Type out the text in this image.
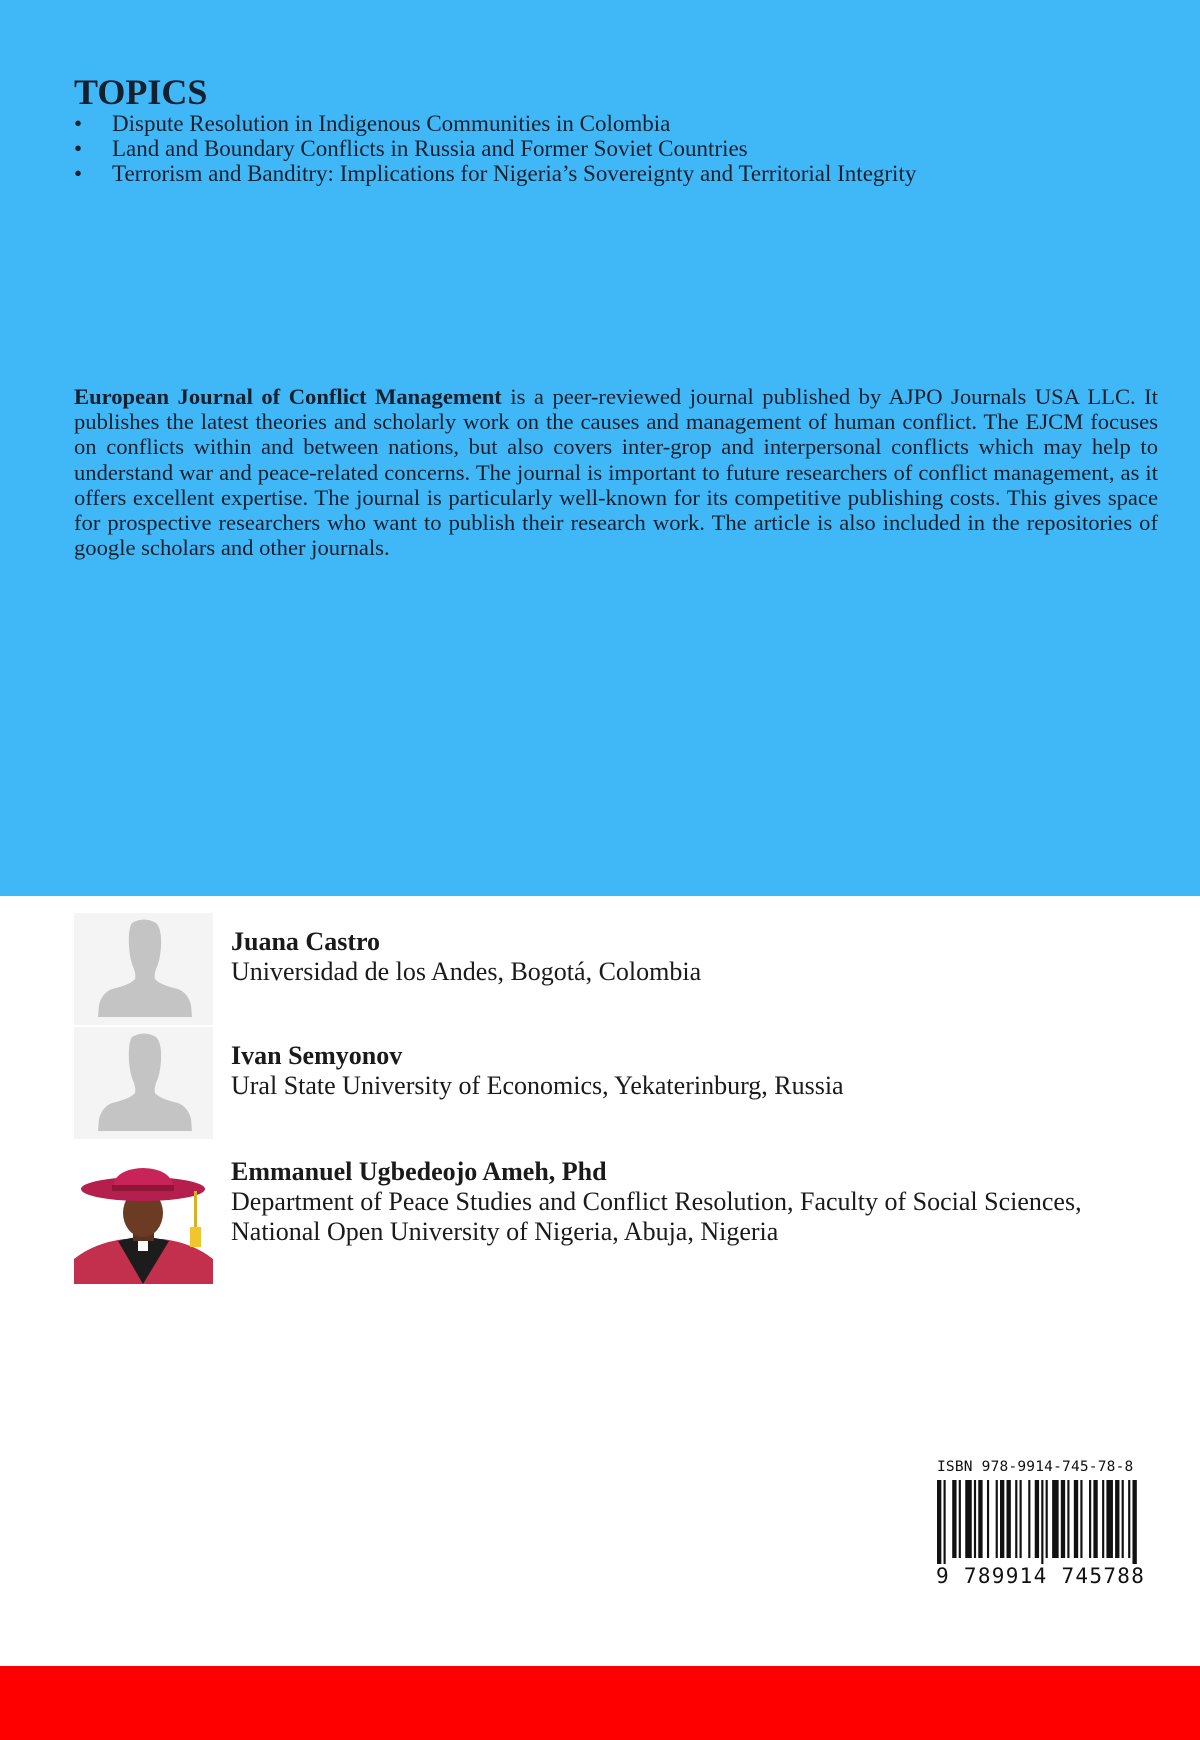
TOPICS
• Dispute Resolution in Indigenous Communities in Colombia
• Land and Boundary Conflicts in Russia and Former Soviet Countries
• Terrorism and Banditry: Implications for Nigeria’s Sovereignty and Territorial Integrity

European Journal of Conflict Management is a peer-reviewed journal published by AJPO Journals USA LLC. It publishes the latest theories and scholarly work on the causes and management of human conflict. The EJCM focuses on conflicts within and between nations, but also covers inter-grop and interpersonal conflicts which may help to understand war and peace-related concerns. The journal is important to future researchers of conflict management, as it offers excellent expertise. The journal is particularly well-known for its competitive publishing costs. This gives space for prospective researchers who want to publish their research work. The article is also included in the repositories of google scholars and other journals.

Juana Castro
Universidad de los Andes, Bogotá, Colombia
Ivan Semyonov
Ural State University of Economics, Yekaterinburg, Russia
Emmanuel Ugbedeojo Ameh, Phd
Department of Peace Studies and Conflict Resolution, Faculty of Social Sciences, National Open University of Nigeria, Abuja, Nigeria
ISBN 978-9914-745-78-8
9 789914 745788
